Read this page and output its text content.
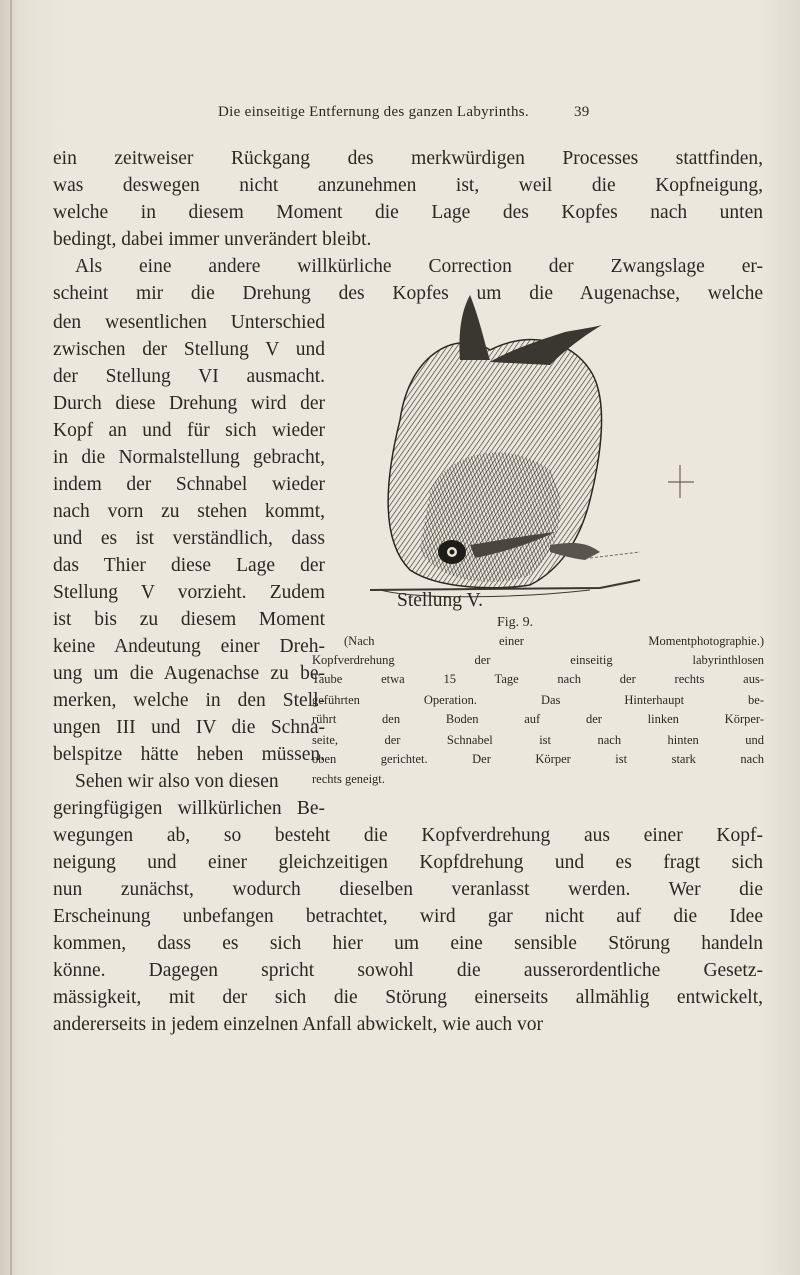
Die einseitige Entfernung des ganzen Labyrinths.	39
ein zeitweiser Rückgang des merkwürdigen Processes stattfinden,
was deswegen nicht anzunehmen ist, weil die Kopfneigung,
welche in diesem Moment die Lage des Kopfes nach unten
bedingt, dabei immer unverändert bleibt.
Als eine andere willkürliche Correction der Zwangslage er-
scheint mir die Drehung des Kopfes um die Augenachse, welche
den wesentlichen Unterschied
zwischen der Stellung V und
der Stellung VI ausmacht.
Durch diese Drehung wird der
Kopf an und für sich wieder
in die Normalstellung gebracht,
indem der Schnabel wieder
nach vorn zu stehen kommt,
und es ist verständlich, dass
das Thier diese Lage der
Stellung V vorzieht. Zudem
ist bis zu diesem Moment
keine Andeutung einer Dreh-
ung um die Augenachse zu be-
merken, welche in den Stell-
ungen III und IV die Schna-
belspitze hätte heben müssen.
Sehen wir also von diesen
geringfügigen willkürlichen Be-
wegungen ab, so besteht die Kopfverdrehung aus einer Kopf-
neigung und einer gleichzeitigen Kopfdrehung und es fragt sich
nun zunächst, wodurch dieselben veranlasst werden. Wer die
Erscheinung unbefangen betrachtet, wird gar nicht auf die Idee
kommen, dass es sich hier um eine sensible Störung handeln
könne. Dagegen spricht sowohl die ausserordentliche Gesetz-
mässigkeit, mit der sich die Störung einerseits allmählig entwickelt,
andererseits in jedem einzelnen Anfall abwickelt, wie auch vor
Stellung V.
Fig. 9.
(Nach einer Momentphotographie.)
Kopfverdrehung der einseitig labyrinthlosen
Taube etwa 15 Tage nach der rechts aus-
geführten Operation. Das Hinterhaupt be-
rührt den Boden auf der linken Körper-
seite, der Schnabel ist nach hinten und
oben gerichtet. Der Körper ist stark nach
rechts geneigt.
